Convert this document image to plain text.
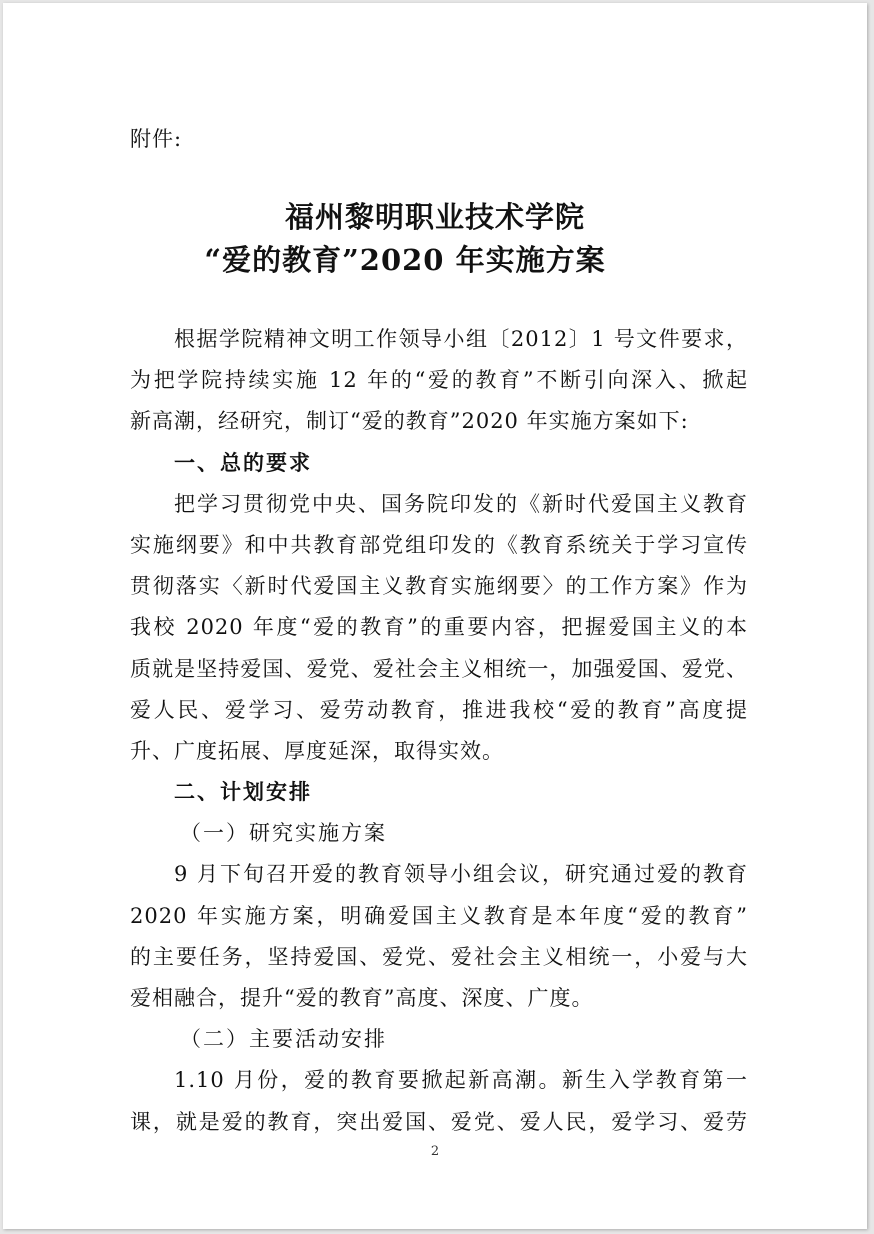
附件:
福州黎明职业技术学院
“爱的教育”2020 年实施方案
根据学院精神文明工作领导小组〔2012〕1 号文件要求，
为把学院持续实施 12 年的“爱的教育”不断引向深入、掀起
新高潮，经研究，制订“爱的教育”2020 年实施方案如下:
一、总的要求
把学习贯彻党中央、国务院印发的《新时代爱国主义教育
实施纲要》和中共教育部党组印发的《教育系统关于学习宣传
贯彻落实〈新时代爱国主义教育实施纲要〉的工作方案》作为
我校 2020 年度“爱的教育”的重要内容，把握爱国主义的本
质就是坚持爱国、爱党、爱社会主义相统一，加强爱国、爱党、
爱人民、爱学习、爱劳动教育，推进我校“爱的教育”高度提
升、广度拓展、厚度延深，取得实效。
二、计划安排
（一）研究实施方案
9 月下旬召开爱的教育领导小组会议，研究通过爱的教育
2020 年实施方案，明确爱国主义教育是本年度“爱的教育”
的主要任务，坚持爱国、爱党、爱社会主义相统一，小爱与大
爱相融合，提升“爱的教育”高度、深度、广度。
（二）主要活动安排
1.10 月份，爱的教育要掀起新高潮。新生入学教育第一
课，就是爱的教育，突出爱国、爱党、爱人民，爱学习、爱劳
2
